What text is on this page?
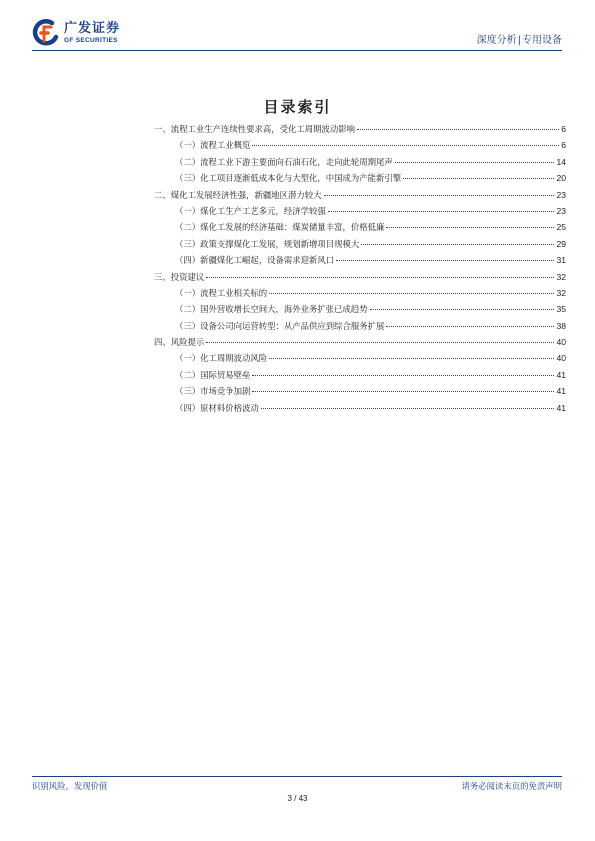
广发证券
GF SECURITIES	深度分析|专用设备
目录索引
一、流程工业生产连续性要求高，受化工周期波动影响	6
（一）流程工业概览	6
（二）流程工业下游主要面向石油石化，走向此轮周期尾声	14
（三）化工项目逐渐低成本化与大型化，中国成为产能新引擎	20
二、煤化工发展经济性强，新疆地区潜力较大	23
（一）煤化工生产工艺多元，经济学较强	23
（二）煤化工发展的经济基础：煤炭储量丰富，价格低廉	25
（三）政策支撑煤化工发展，规划新增项目规模大	29
（四）新疆煤化工崛起，设备需求迎新风口	31
三、投资建议	32
（一）流程工业相关标的	32
（二）国外营收增长空间大，海外业务扩张已成趋势	35
（三）设备公司向运营转型：从产品供应到综合服务扩展	38
四、风险提示	40
（一）化工周期波动风险	40
（二）国际贸易壁垒	41
（三）市场竞争加剧	41
（四）原材料价格波动	41
识别风险，发现价值	请务必阅读末页的免责声明
3 / 43
